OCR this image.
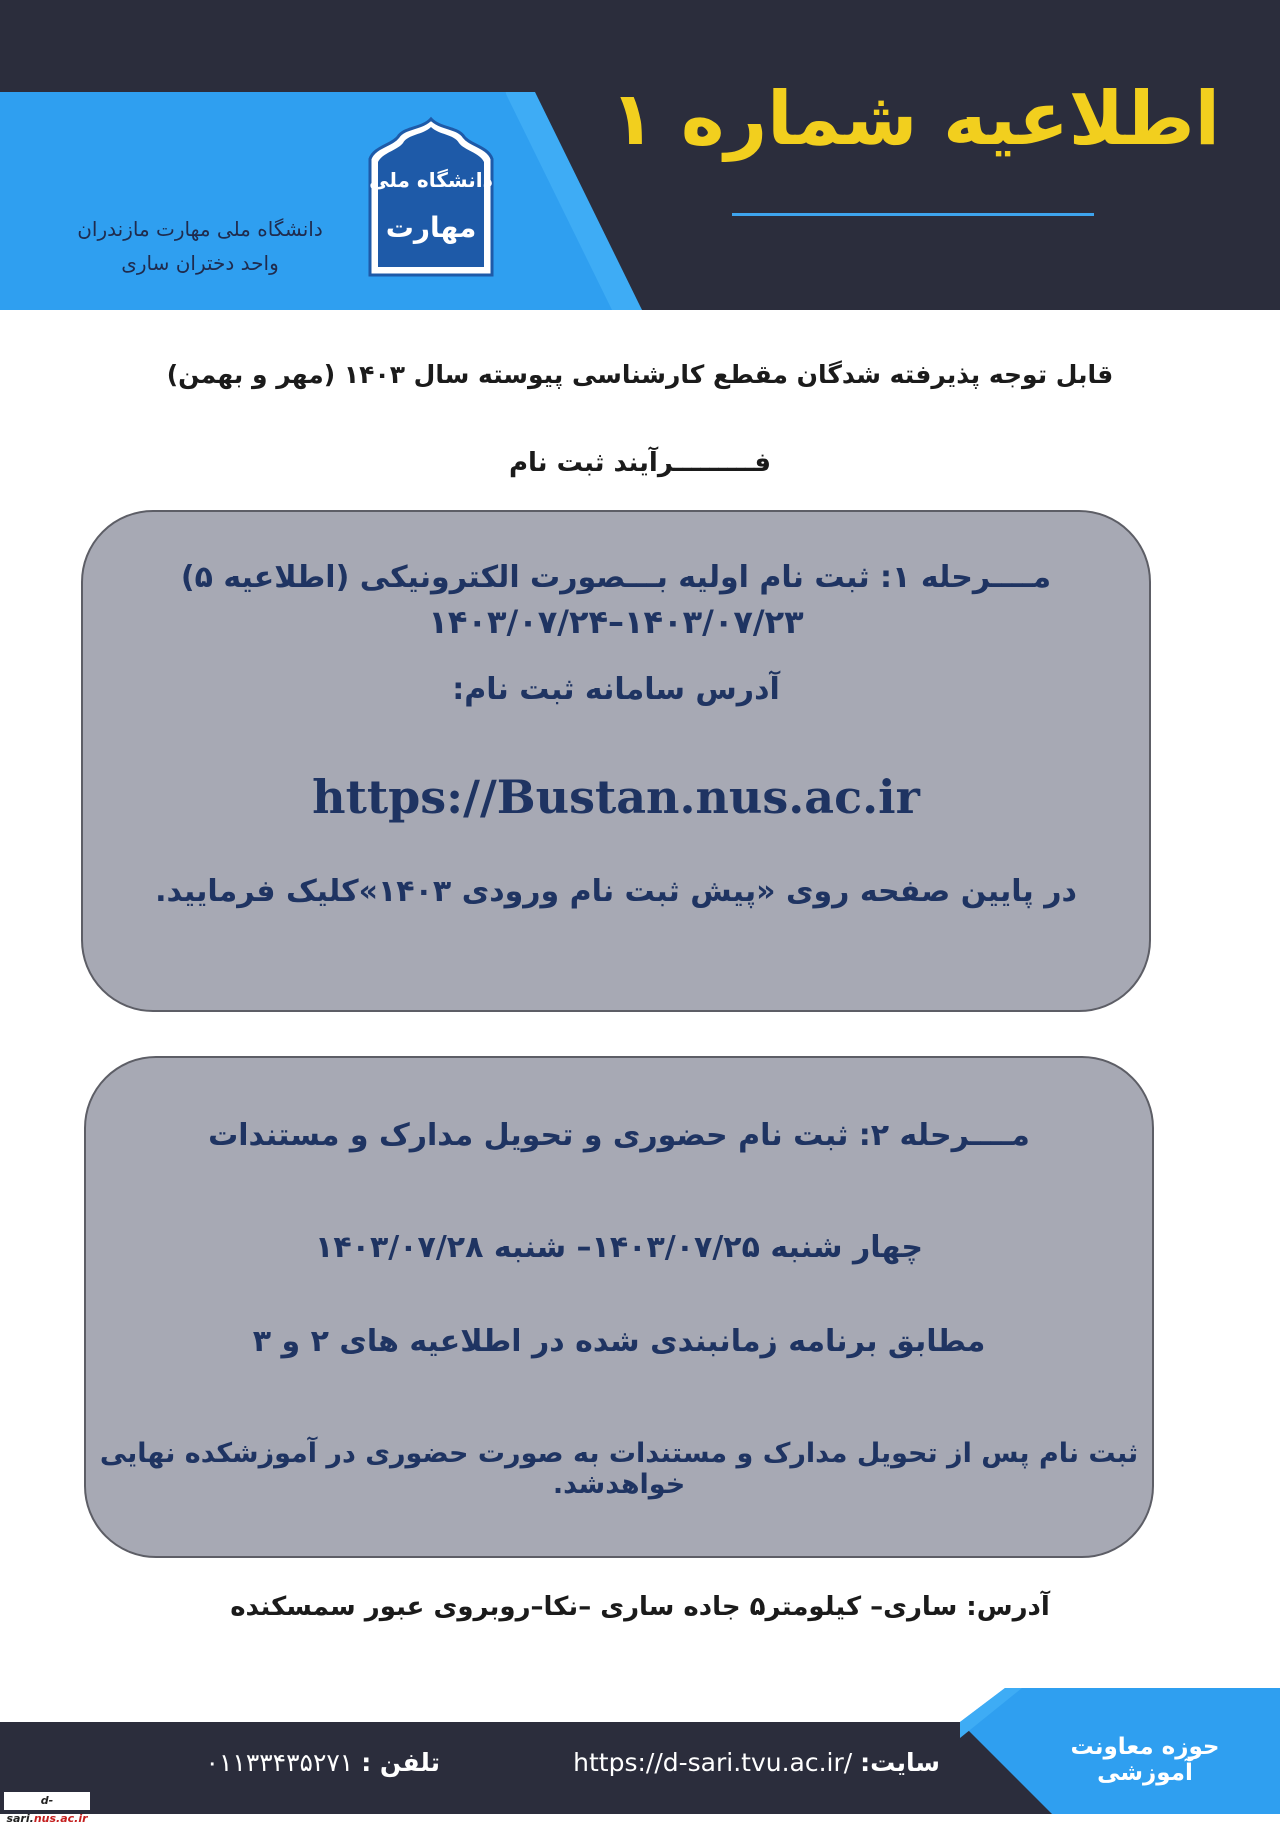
اطلاعیه شماره ۱
دانشگاه ملی
مهارت
دانشگاه ملی مهارت مازندران
واحد دختران ساری
قابل توجه پذیرفته شدگان مقطع کارشناسی پیوسته سال ۱۴۰۳ (مهر و بهمن)
فـــــــــرآیند ثبت نام
مــــرحله ۱: ثبت نام اولیه بـــصورت الکترونیکی (اطلاعیه ۵)
۱۴۰۳/۰۷/۲۳–۱۴۰۳/۰۷/۲۴
آدرس سامانه ثبت نام:
https://Bustan.nus.ac.ir
در پایین صفحه روی «پیش ثبت نام ورودی ۱۴۰۳»کلیک فرمایید.
مــــرحله ۲: ثبت نام حضوری و تحویل مدارک و مستندات
چهار شنبه ۱۴۰۳/۰۷/۲۵– شنبه ۱۴۰۳/۰۷/۲۸
مطابق برنامه زمانبندی شده در اطلاعیه های ۲ و ۳
ثبت نام پس از تحویل مدارک و مستندات به صورت حضوری در آموزشکده نهایی خواهدشد.
آدرس: ساری– کیلومتر۵ جاده ساری –نکا–روبروی عبور سمسکنده
حوزه معاونت آموزشی
سایت: https://d-sari.tvu.ac.ir/
تلفن : ۰۱۱۳۳۴۳۵۲۷۱
d-sari.nus.ac.ir
